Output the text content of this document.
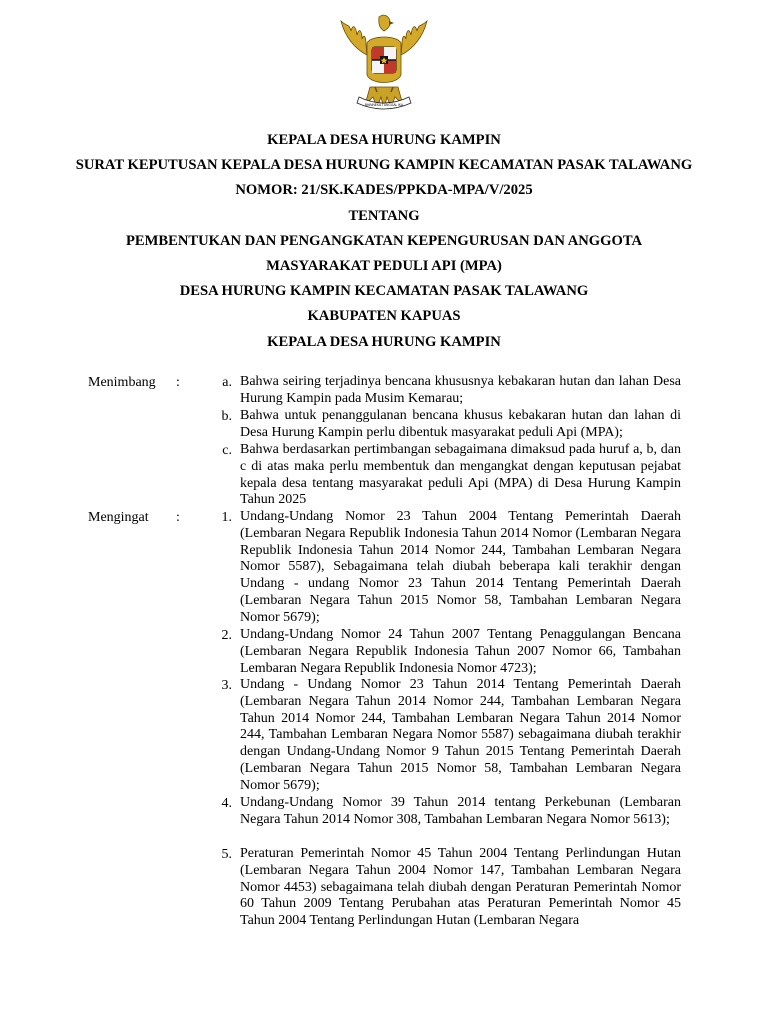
BHINNEKA TUNGGAL IKA
KEPALA DESA HURUNG KAMPIN
SURAT KEPUTUSAN KEPALA DESA HURUNG KAMPIN KECAMATAN PASAK TALAWANG
NOMOR: 21/SK.KADES/PPKDA-MPA/V/2025
TENTANG
PEMBENTUKAN DAN PENGANGKATAN KEPENGURUSAN DAN ANGGOTA
MASYARAKAT PEDULI API (MPA)
DESA HURUNG KAMPIN KECAMATAN PASAK TALAWANG
KABUPATEN KAPUAS
KEPALA DESA HURUNG KAMPIN
Menimbang :	a. Bahwa seiring terjadinya bencana khususnya kebakaran hutan dan lahan Desa Hurung Kampin pada Musim Kemarau;
b. Bahwa untuk penanggulanan bencana khusus kebakaran hutan dan lahan di Desa Hurung Kampin perlu dibentuk masyarakat peduli Api (MPA);
c. Bahwa berdasarkan pertimbangan sebagaimana dimaksud pada huruf a, b, dan c di atas maka perlu membentuk dan mengangkat dengan keputusan pejabat kepala desa tentang masyarakat peduli Api (MPA) di Desa Hurung Kampin Tahun 2025
Mengingat :	1. Undang-Undang Nomor 23 Tahun 2004 Tentang Pemerintah Daerah (Lembaran Negara Republik Indonesia Tahun 2014 Nomor (Lembaran Negara Republik Indonesia Tahun 2014 Nomor 244, Tambahan Lembaran Negara Nomor 5587), Sebagaimana telah diubah beberapa kali terakhir dengan Undang - undang Nomor 23 Tahun 2014 Tentang Pemerintah Daerah (Lembaran Negara Tahun 2015 Nomor 58, Tambahan Lembaran Negara Nomor 5679);
2. Undang-Undang Nomor 24 Tahun 2007 Tentang Penaggulangan Bencana (Lembaran Negara Republik Indonesia Tahun 2007 Nomor 66, Tambahan Lembaran Negara Republik Indonesia Nomor 4723);
3. Undang - Undang Nomor 23 Tahun 2014 Tentang Pemerintah Daerah (Lembaran Negara Tahun 2014 Nomor 244, Tambahan Lembaran Negara Tahun 2014 Nomor 244, Tambahan Lembaran Negara Tahun 2014 Nomor 244, Tambahan Lembaran Negara Nomor 5587) sebagaimana diubah terakhir dengan Undang-Undang Nomor 9 Tahun 2015 Tentang Pemerintah Daerah (Lembaran Negara Tahun 2015 Nomor 58, Tambahan Lembaran Negara Nomor 5679);
4. Undang-Undang Nomor 39 Tahun 2014 tentang Perkebunan (Lembaran Negara Tahun 2014 Nomor 308, Tambahan Lembaran Negara Nomor 5613);
5. Peraturan Pemerintah Nomor 45 Tahun 2004 Tentang Perlindungan Hutan (Lembaran Negara Tahun 2004 Nomor 147, Tambahan Lembaran Negara Nomor 4453) sebagaimana telah diubah dengan Peraturan Pemerintah Nomor 60 Tahun 2009 Tentang Perubahan atas Peraturan Pemerintah Nomor 45 Tahun 2004 Tentang Perlindungan Hutan (Lembaran Negara
